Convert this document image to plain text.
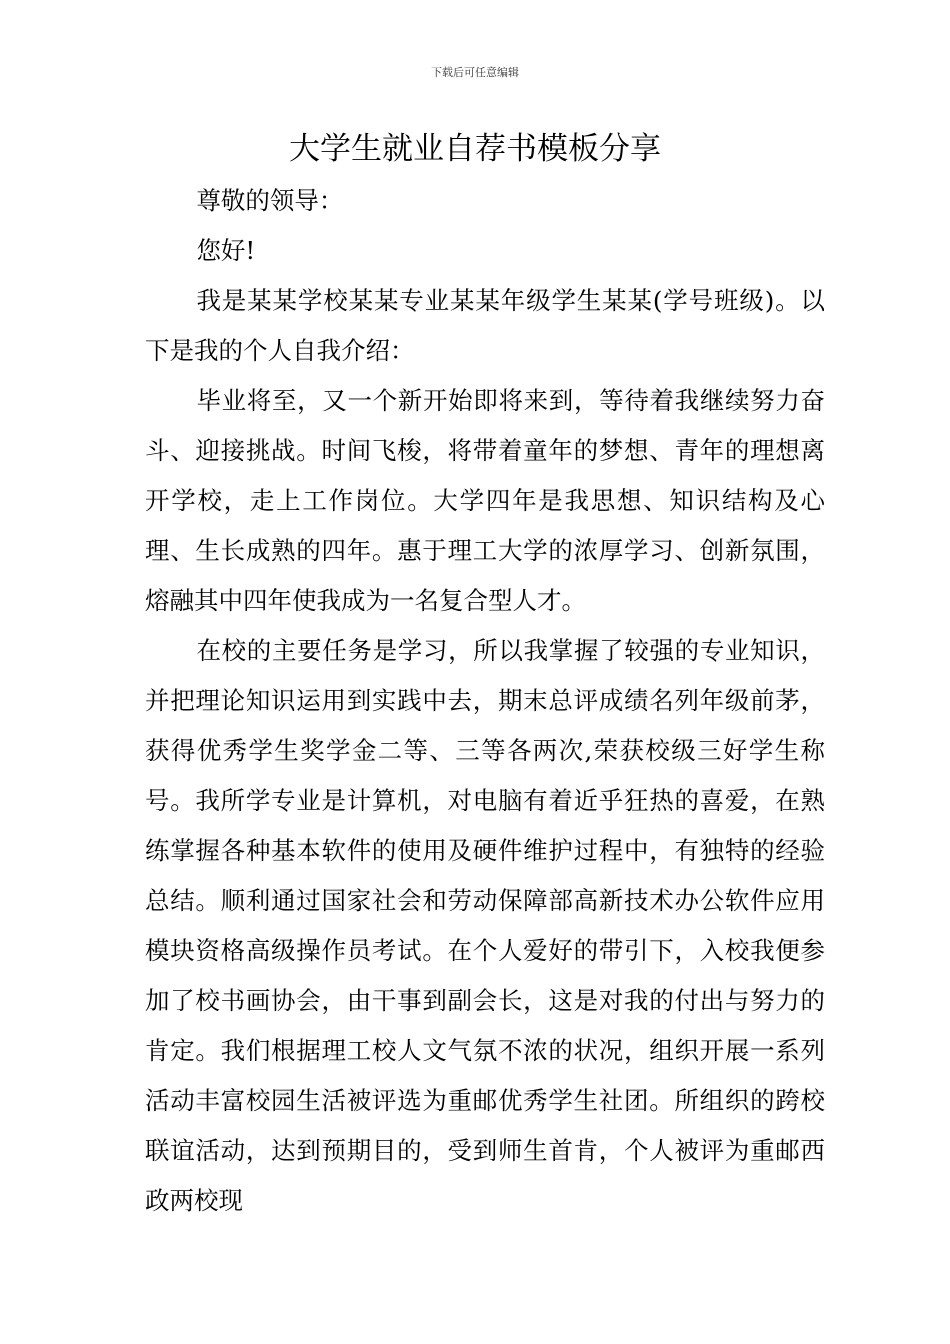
下载后可任意编辑
大学生就业自荐书模板分享

尊敬的领导：

您好!

我是某某学校某某专业某某年级学生某某(学号班级)。以下是我的个人自我介绍：

毕业将至，又一个新开始即将来到，等待着我继续努力奋斗、迎接挑战。时间飞梭，将带着童年的梦想、青年的理想离开学校，走上工作岗位。大学四年是我思想、知识结构及心理、生长成熟的四年。惠于理工大学的浓厚学习、创新氛围，熔融其中四年使我成为一名复合型人才。

在校的主要任务是学习，所以我掌握了较强的专业知识，并把理论知识运用到实践中去，期末总评成绩名列年级前茅，获得优秀学生奖学金二等、三等各两次,荣获校级三好学生称号。我所学专业是计算机，对电脑有着近乎狂热的喜爱，在熟练掌握各种基本软件的使用及硬件维护过程中，有独特的经验总结。顺利通过国家社会和劳动保障部高新技术办公软件应用模块资格高级操作员考试。在个人爱好的带引下，入校我便参加了校书画协会，由干事到副会长，这是对我的付出与努力的肯定。我们根据理工校人文气氛不浓的状况，组织开展一系列活动丰富校园生活被评选为重邮优秀学生社团。所组织的跨校联谊活动，达到预期目的，受到师生首肯，个人被评为重邮西政两校现
